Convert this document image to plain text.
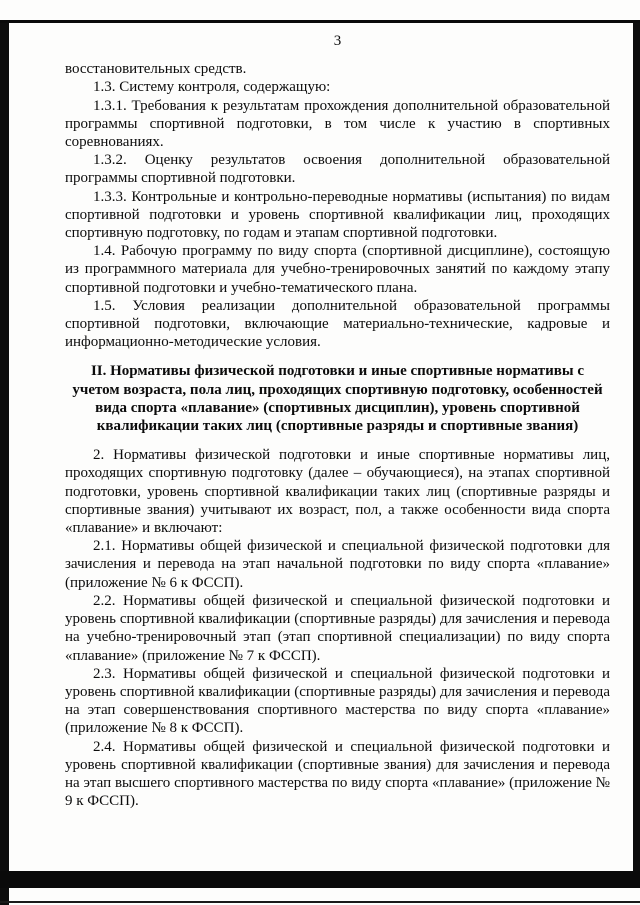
3

восстановительных средств.

1.3. Систему контроля, содержащую:

1.3.1. Требования к результатам прохождения дополнительной образовательной программы спортивной подготовки, в том числе к участию в спортивных соревнованиях.

1.3.2. Оценку результатов освоения дополнительной образовательной программы спортивной подготовки.

1.3.3. Контрольные и контрольно-переводные нормативы (испытания) по видам спортивной подготовки и уровень спортивной квалификации лиц, проходящих спортивную подготовку, по годам и этапам спортивной подготовки.

1.4. Рабочую программу по виду спорта (спортивной дисциплине), состоящую из программного материала для учебно-тренировочных занятий по каждому этапу спортивной подготовки и учебно-тематического плана.

1.5. Условия реализации дополнительной образовательной программы спортивной подготовки, включающие материально-технические, кадровые и информационно-методические условия.

II. Нормативы физической подготовки и иные спортивные нормативы с учетом возраста, пола лиц, проходящих спортивную подготовку, особенностей вида спорта «плавание» (спортивных дисциплин), уровень спортивной квалификации таких лиц (спортивные разряды и спортивные звания)

2. Нормативы физической подготовки и иные спортивные нормативы лиц, проходящих спортивную подготовку (далее – обучающиеся), на этапах спортивной подготовки, уровень спортивной квалификации таких лиц (спортивные разряды и спортивные звания) учитывают их возраст, пол, а также особенности вида спорта «плавание» и включают:

2.1. Нормативы общей физической и специальной физической подготовки для зачисления и перевода на этап начальной подготовки по виду спорта «плавание» (приложение № 6 к ФССП).

2.2. Нормативы общей физической и специальной физической подготовки и уровень спортивной квалификации (спортивные разряды) для зачисления и перевода на учебно-тренировочный этап (этап спортивной специализации) по виду спорта «плавание» (приложение № 7 к ФССП).

2.3. Нормативы общей физической и специальной физической подготовки и уровень спортивной квалификации (спортивные разряды) для зачисления и перевода на этап совершенствования спортивного мастерства по виду спорта «плавание» (приложение № 8 к ФССП).

2.4. Нормативы общей физической и специальной физической подготовки и уровень спортивной квалификации (спортивные звания) для зачисления и перевода на этап высшего спортивного мастерства по виду спорта «плавание» (приложение № 9 к ФССП).
